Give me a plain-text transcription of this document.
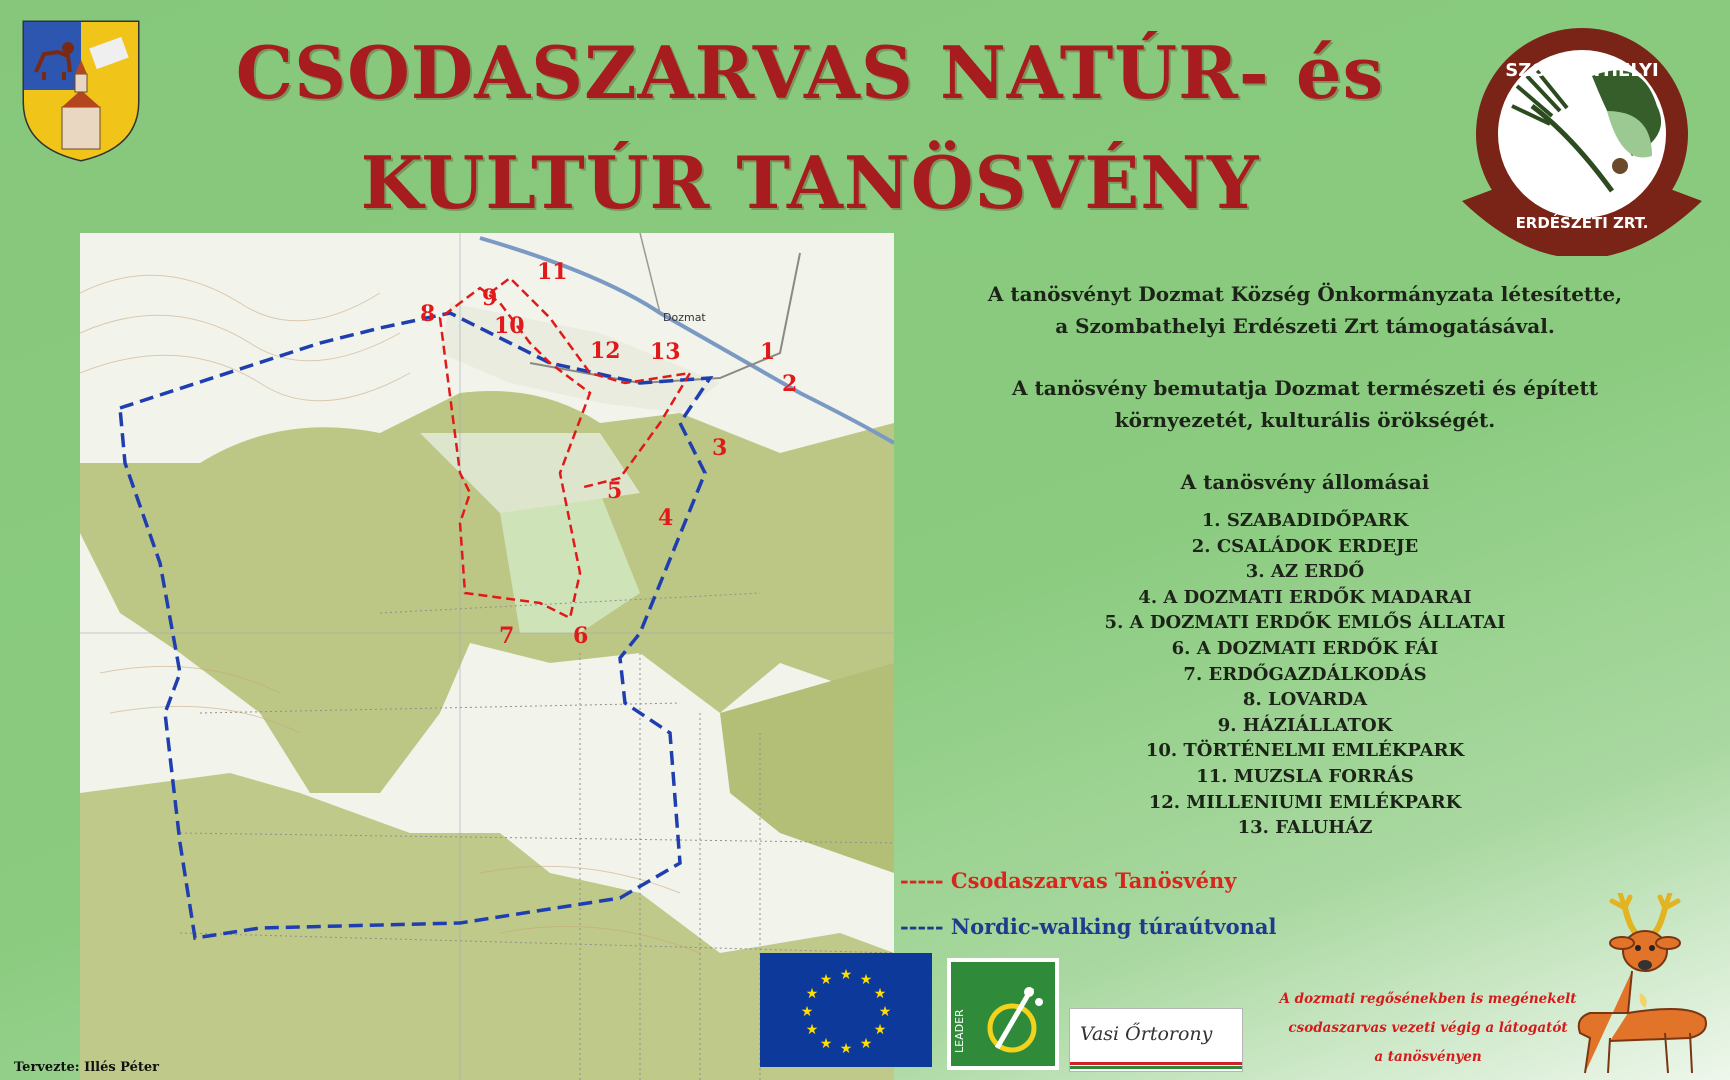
CSODASZARVAS NATÚR- és
KULTÚR TANÖSVÉNY
SZOMBATHELYI
ERDÉSZETI ZRT.
Dozmat
1
2
3
4
5
6
7
8
9
10
11
12 13

A tanösvényt Dozmat Község Önkormányzata létesítette,

a Szombathelyi Erdészeti Zrt támogatásával.

A tanösvény bemutatja Dozmat természeti és épített

környezetét, kulturális örökségét.

A tanösvény állomásai

1. SZABADIDŐPARK
2. CSALÁDOK ERDEJE
3. AZ ERDŐ
4. A DOZMATI ERDŐK MADARAI
5. A DOZMATI ERDŐK EMLŐS ÁLLATAI
6. A DOZMATI ERDŐK FÁI
7. ERDŐGAZDÁLKODÁS
8. LOVARDA
9. HÁZIÁLLATOK
10. TÖRTÉNELMI EMLÉKPARK
11. MUZSLA FORRÁS
12. MILLENIUMI EMLÉKPARK
13. FALUHÁZ
----- Csodaszarvas Tanösvény
----- Nordic-walking túraútvonal
★ ★
★
★
★
★
★
★
★
★
★
★
LEADER	Vasi Őrtorony
A dozmati regősénekben is megénekelt
csodaszarvas vezeti végig a látogatót
a tanösvényen
Tervezte: Illés Péter
